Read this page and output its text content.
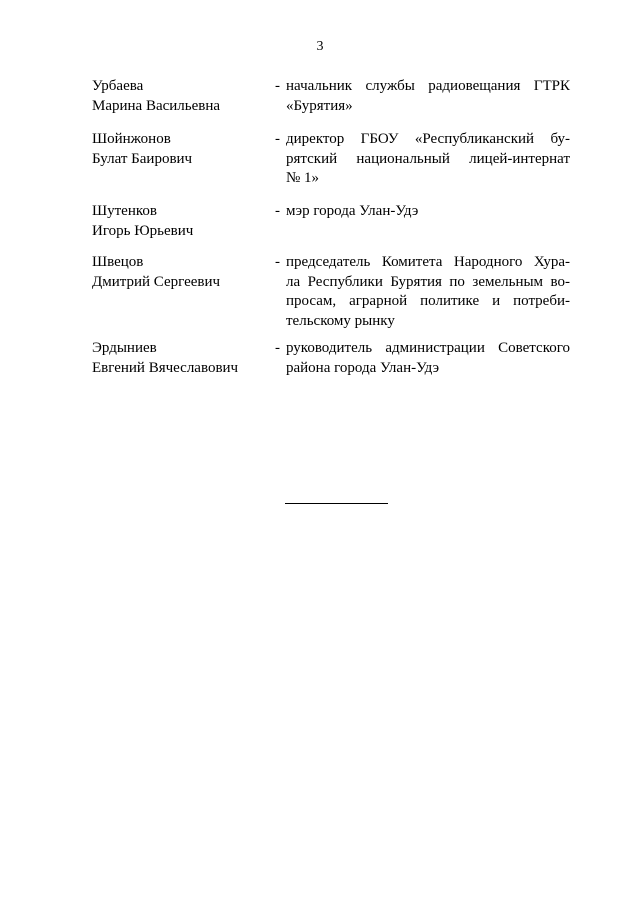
3
Урбаева
Марина Васильевна
- начальник службы радиовещания ГТРК
«Бурятия»
Шойнжонов
Булат Баирович
- директор ГБОУ «Республиканский бу-
рятский национальный лицей-интернат
№ 1»
Шутенков
Игорь Юрьевич
- мэр города Улан-Удэ
Швецов
Дмитрий Сергеевич
- председатель Комитета Народного Хура-
ла Республики Бурятия по земельным во-
просам, аграрной политике и потреби-
тельскому рынку
Эрдыниев
Евгений Вячеславович
- руководитель администрации Советского
района города Улан-Удэ
